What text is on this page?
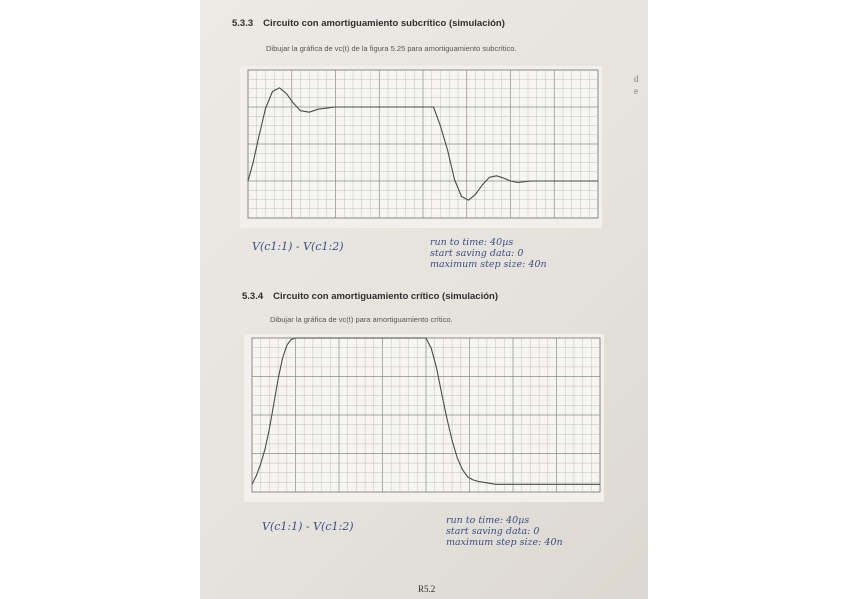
d
e
5.3.3 Circuito con amortiguamiento subcrítico (simulación)
Dibujar la gráfica de vc(t) de la figura 5.25 para amortiguamiento subcrítico.
V(c1:1) - V(c1:2)	run to time: 40µs
start saving data: 0
maximum step size: 40n
5.3.4 Circuito con amortiguamiento crítico (simulación)
Dibujar la gráfica de vc(t) para amortiguamiento crítico.
V(c1:1) - V(c1:2)	run to time: 40µs
start saving data: 0
maximum step size: 40n
R5.2
